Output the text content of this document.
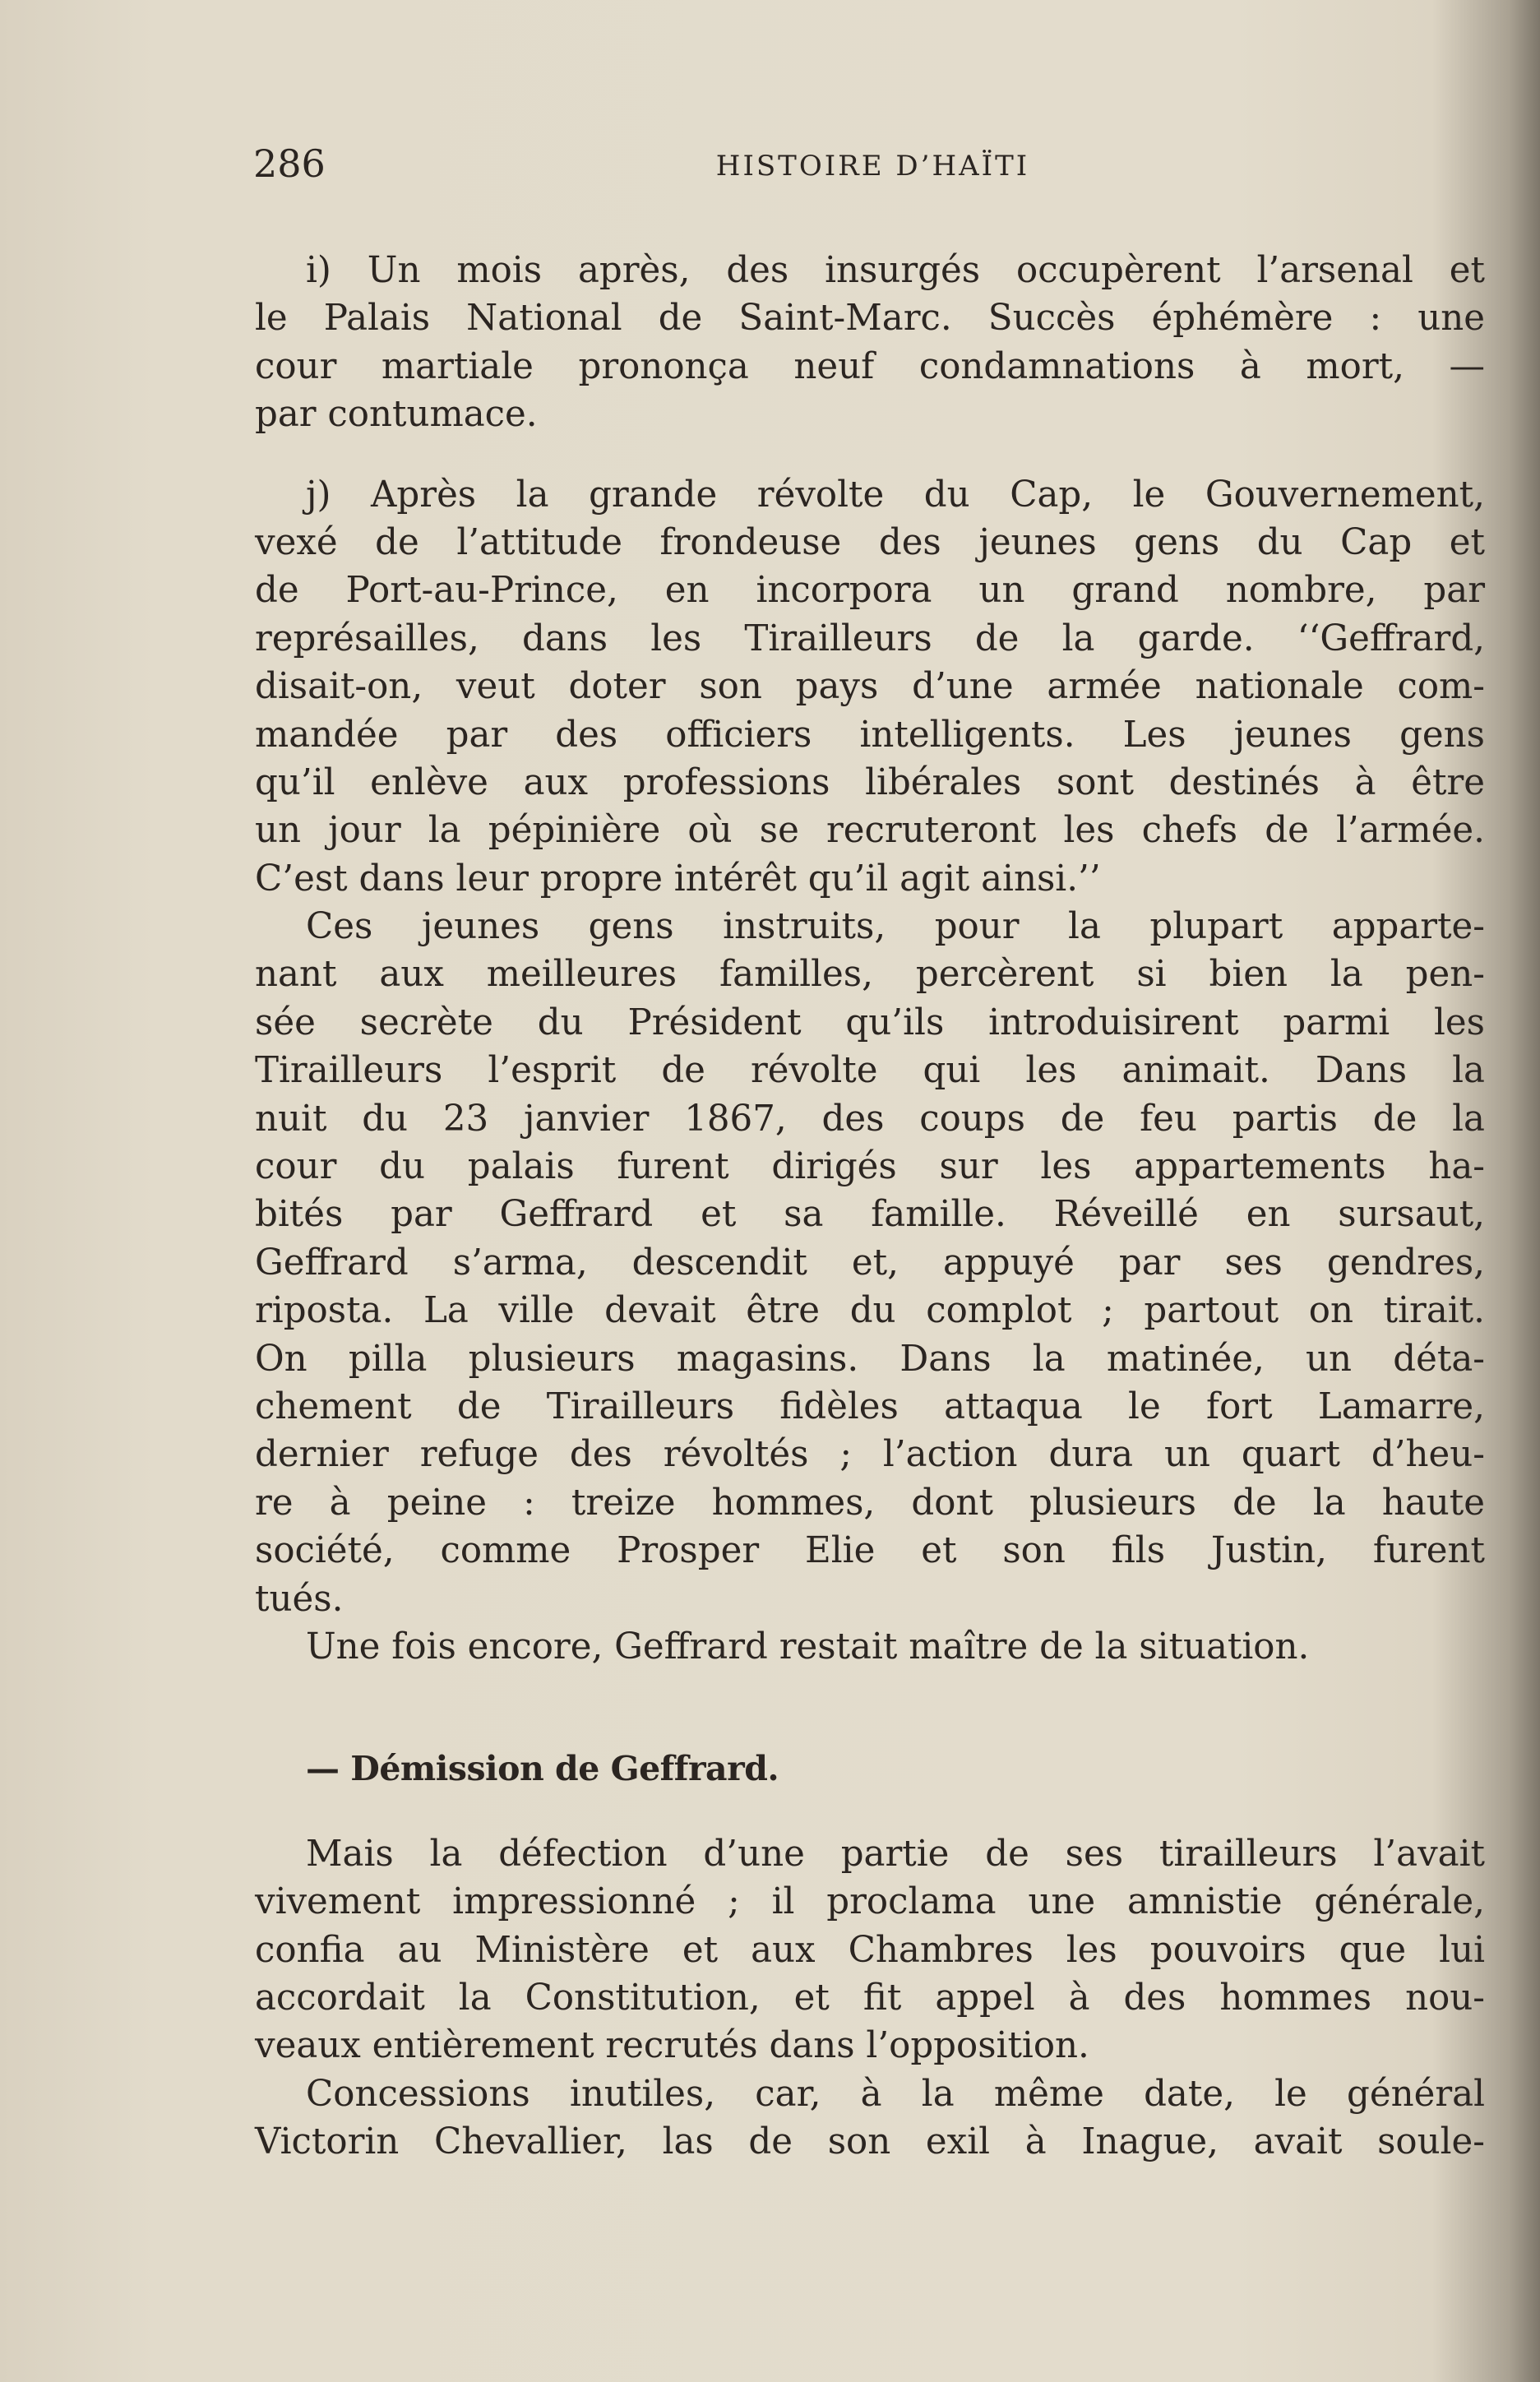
286	HISTOIRE D’HAÏTI
i) Un mois après, des insurgés occupèrent l’arsenal et
le Palais National de Saint-Marc. Succès éphémère : une
cour martiale prononça neuf condamnations à mort, —
par contumace.
j) Après la grande révolte du Cap, le Gouvernement,
vexé de l’attitude frondeuse des jeunes gens du Cap et
de Port-au-Prince, en incorpora un grand nombre, par
représailles, dans les Tirailleurs de la garde. ‘‘Geffrard,
disait-on, veut doter son pays d’une armée nationale com-
mandée par des officiers intelligents. Les jeunes gens
qu’il enlève aux professions libérales sont destinés à être
un jour la pépinière où se recruteront les chefs de l’armée.
C’est dans leur propre intérêt qu’il agit ainsi.’’
Ces jeunes gens instruits, pour la plupart apparte-
nant aux meilleures familles, percèrent si bien la pen-
sée secrète du Président qu’ils introduisirent parmi les
Tirailleurs l’esprit de révolte qui les animait. Dans la
nuit du 23 janvier 1867, des coups de feu partis de la
cour du palais furent dirigés sur les appartements ha-
bités par Geffrard et sa famille. Réveillé en sursaut,
Geffrard s’arma, descendit et, appuyé par ses gendres,
riposta. La ville devait être du complot ; partout on tirait.
On pilla plusieurs magasins. Dans la matinée, un déta-
chement de Tirailleurs fidèles attaqua le fort Lamarre,
dernier refuge des révoltés ; l’action dura un quart d’heu-
re à peine : treize hommes, dont plusieurs de la haute
société, comme Prosper Elie et son fils Justin, furent
tués.
Une fois encore, Geffrard restait maître de la situation.
— Démission de Geffrard.
Mais la défection d’une partie de ses tirailleurs l’avait
vivement impressionné ; il proclama une amnistie générale,
confia au Ministère et aux Chambres les pouvoirs que lui
accordait la Constitution, et fit appel à des hommes nou-
veaux entièrement recrutés dans l’opposition.
Concessions inutiles, car, à la même date, le général
Victorin Chevallier, las de son exil à Inague, avait soule-
